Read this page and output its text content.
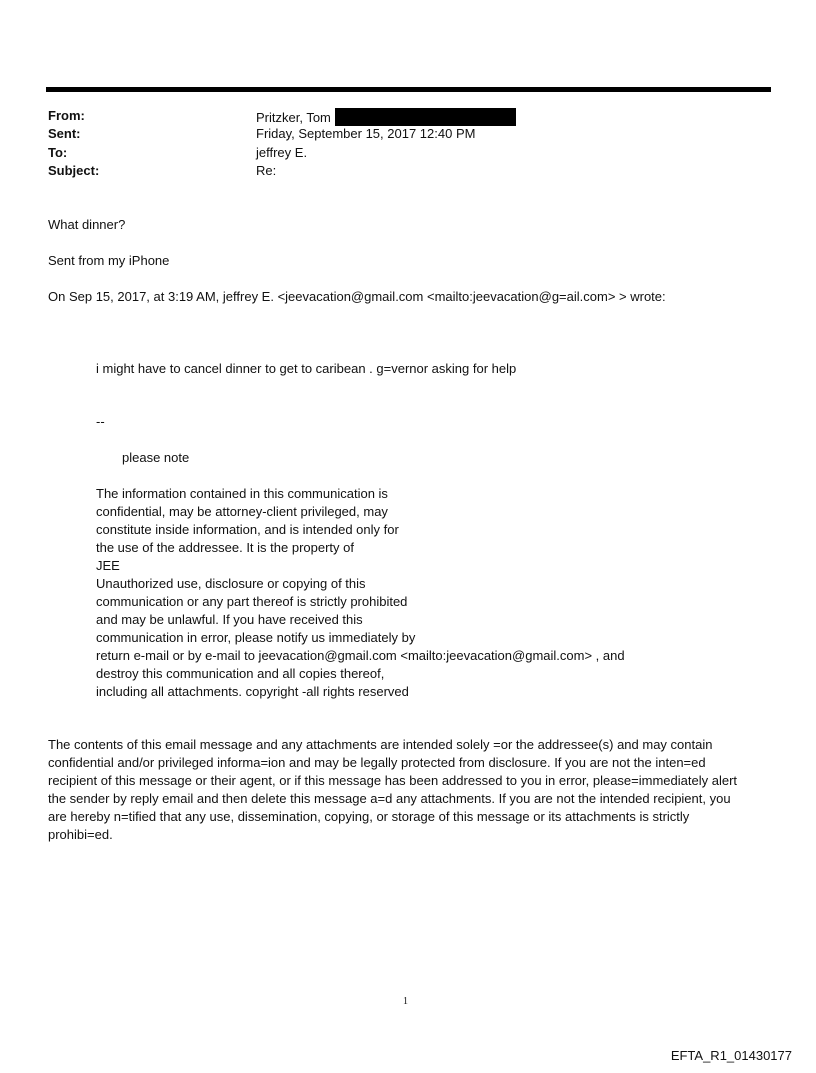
From:	Pritzker, Tom
Sent:	Friday, September 15, 2017 12:40 PM
To:	jeffrey E.
Subject:	Re:
What dinner?
Sent from my iPhone
On Sep 15, 2017, at 3:19 AM, jeffrey E. <jeevacation@gmail.com <mailto:jeevacation@g=ail.com> > wrote:
i might have to cancel dinner to get to caribean . g=vernor asking for help
--
please note
The information contained in this communication is
confidential, may be attorney-client privileged, may
constitute inside information, and is intended only for
the use of the addressee. It is the property of
JEE
Unauthorized use, disclosure or copying of this
communication or any part thereof is strictly prohibited
and may be unlawful. If you have received this
communication in error, please notify us immediately by
return e-mail or by e-mail to jeevacation@gmail.com <mailto:jeevacation@gmail.com> , and
destroy this communication and all copies thereof,
including all attachments. copyright -all rights reserved
The contents of this email message and any attachments are intended solely =or the addressee(s) and may contain
confidential and/or privileged informa=ion and may be legally protected from disclosure. If you are not the inten=ed
recipient of this message or their agent, or if this message has been addressed to you in error, please=immediately alert
the sender by reply email and then delete this message a=d any attachments. If you are not the intended recipient, you
are hereby n=tified that any use, dissemination, copying, or storage of this message or its attachments is strictly
prohibi=ed.
1
EFTA_R1_01430177
